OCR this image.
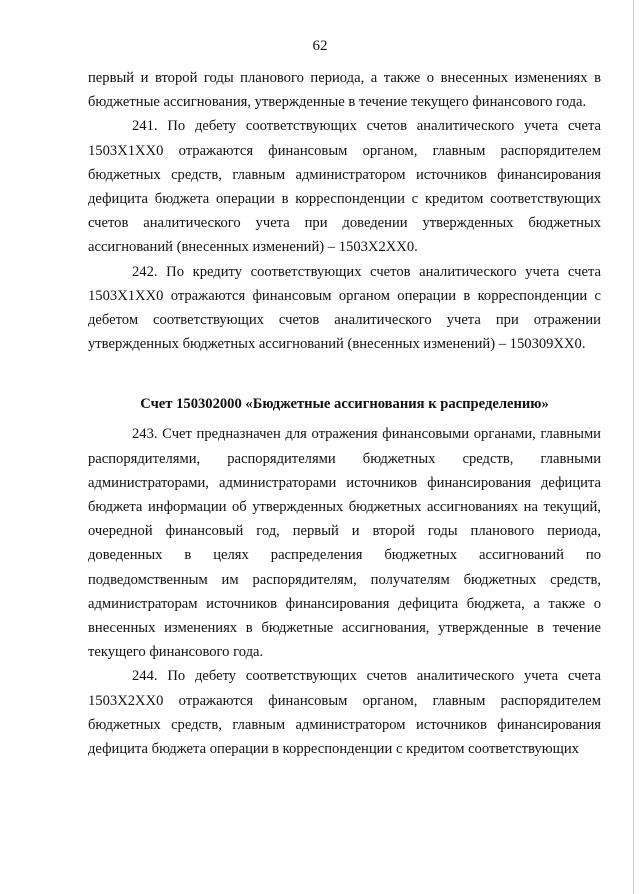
62

первый и второй годы планового периода, а также о внесенных изменениях в бюджетные ассигнования, утвержденные в течение текущего финансового года.

241. По дебету соответствующих счетов аналитического учета счета 1503X1XX0 отражаются финансовым органом, главным распорядителем бюджетных средств, главным администратором источников финансирования дефицита бюджета операции в корреспонденции с кредитом соответствующих счетов аналитического учета при доведении утвержденных бюджетных ассигнований (внесенных изменений) – 1503X2XX0.

242. По кредиту соответствующих счетов аналитического учета счета 1503X1XX0 отражаются финансовым органом операции в корреспонденции с дебетом соответствующих счетов аналитического учета при отражении утвержденных бюджетных ассигнований (внесенных изменений) – 150309XX0.

Счет 150302000 «Бюджетные ассигнования к распределению»

243. Счет предназначен для отражения финансовыми органами, главными распорядителями, распорядителями бюджетных средств, главными администраторами, администраторами источников финансирования дефицита бюджета информации об утвержденных бюджетных ассигнованиях на текущий, очередной финансовый год, первый и второй годы планового периода, доведенных в целях распределения бюджетных ассигнований по подведомственным им распорядителям, получателям бюджетных средств, администраторам источников финансирования дефицита бюджета, а также о внесенных изменениях в бюджетные ассигнования, утвержденные в течение текущего финансового года.

244. По дебету соответствующих счетов аналитического учета счета 1503X2XX0 отражаются финансовым органом, главным распорядителем бюджетных средств, главным администратором источников финансирования дефицита бюджета операции в корреспонденции с кредитом соответствующих
